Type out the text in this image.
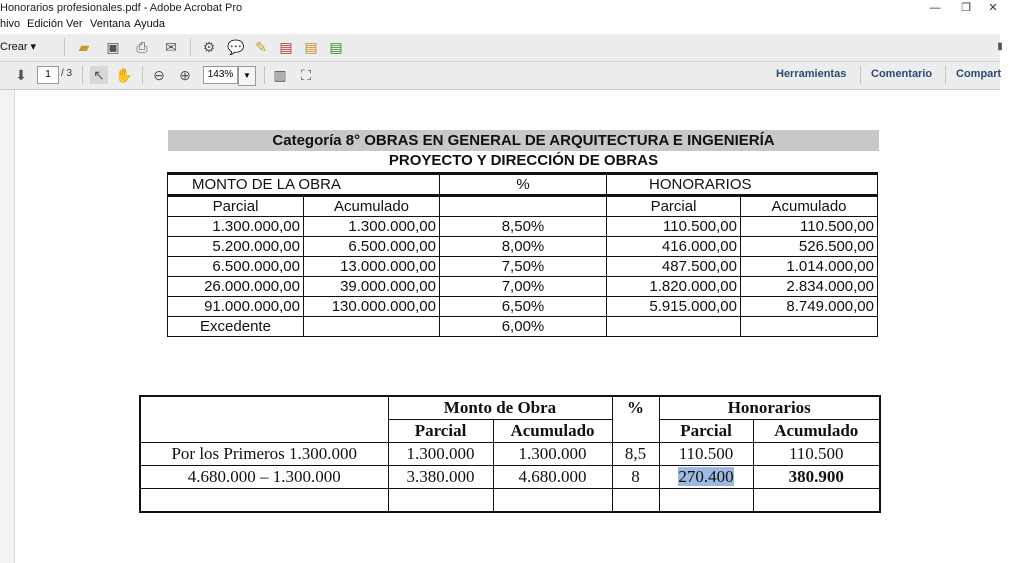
Honorarios profesionales.pdf - Adobe Acrobat Pro	—	❐	✕
hivo Edición Ver Ventana Ayuda
Crear ▾	▰ ▣ ⎙ ✉ ⚙ 💬 ✎ ▤ ▤ ▤	▮
⬇
1	/ 3 ↖ ✋ ⊖ ⊕
143%	▼	▥ ⛶	Herramientas Comentario Compart
Categoría 8° OBRAS EN GENERAL DE ARQUITECTURA E INGENIERÍA
PROYECTO Y DIRECCIÓN DE OBRAS
MONTO DE LA OBRA		%	HONORARIOS	
Parcial	Acumulado		Parcial	Acumulado
1.300.000,00	1.300.000,00	8,50%	110.500,00	110.500,00
5.200.000,00	6.500.000,00	8,00%	416.000,00	526.500,00
6.500.000,00	13.000.000,00	7,50%	487.500,00	1.014.000,00
26.000.000,00	39.000.000,00	7,00%	1.820.000,00	2.834.000,00
91.000.000,00	130.000.000,00	6,50%	5.915.000,00	8.749.000,00
Excedente		6,00%		
	Monto de Obra		%	Honorarios	
	Parcial	Acumulado		Parcial	Acumulado
Por los Primeros 1.300.000	1.300.000	1.300.000	8,5	110.500	110.500
4.680.000 – 1.300.000	3.380.000	4.680.000	8	270.400	380.900
